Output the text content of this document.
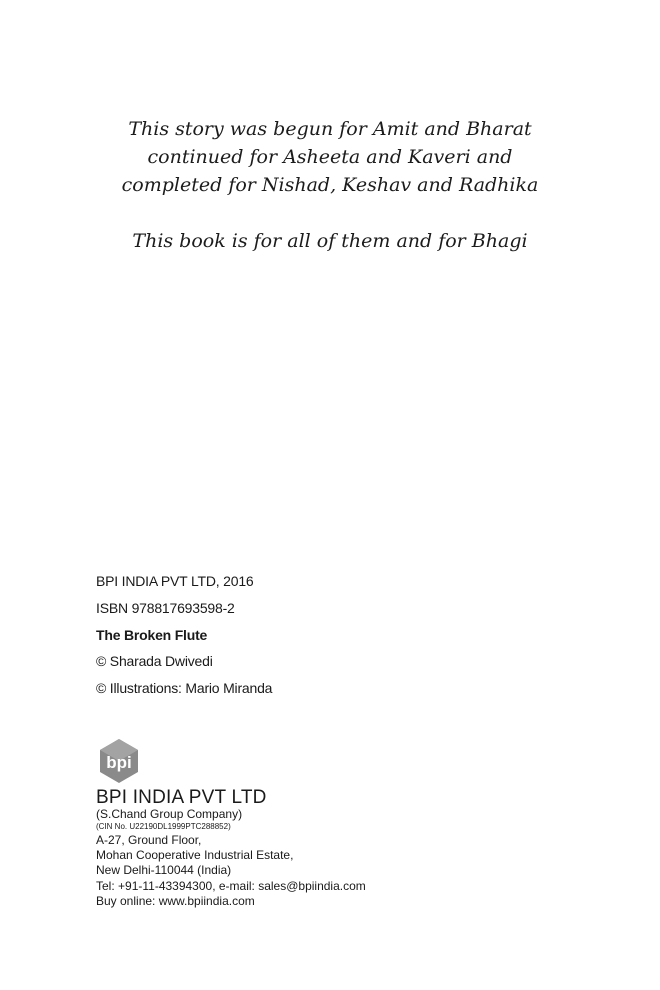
This story was begun for Amit and Bharat
continued for Asheeta and Kaveri and
completed for Nishad, Keshav and Radhika
This book is for all of them and for Bhagi
BPI INDIA PVT LTD, 2016
ISBN 978817693598-2
The Broken Flute
© Sharada Dwivedi
© Illustrations: Mario Miranda
bpi
BPI INDIA PVT LTD
(S.Chand Group Company)
(CIN No. U22190DL1999PTC288852)
A-27, Ground Floor,
Mohan Cooperative Industrial Estate,
New Delhi-110044 (India)
Tel: +91-11-43394300, e-mail: sales@bpiindia.com
Buy online: www.bpiindia.com
